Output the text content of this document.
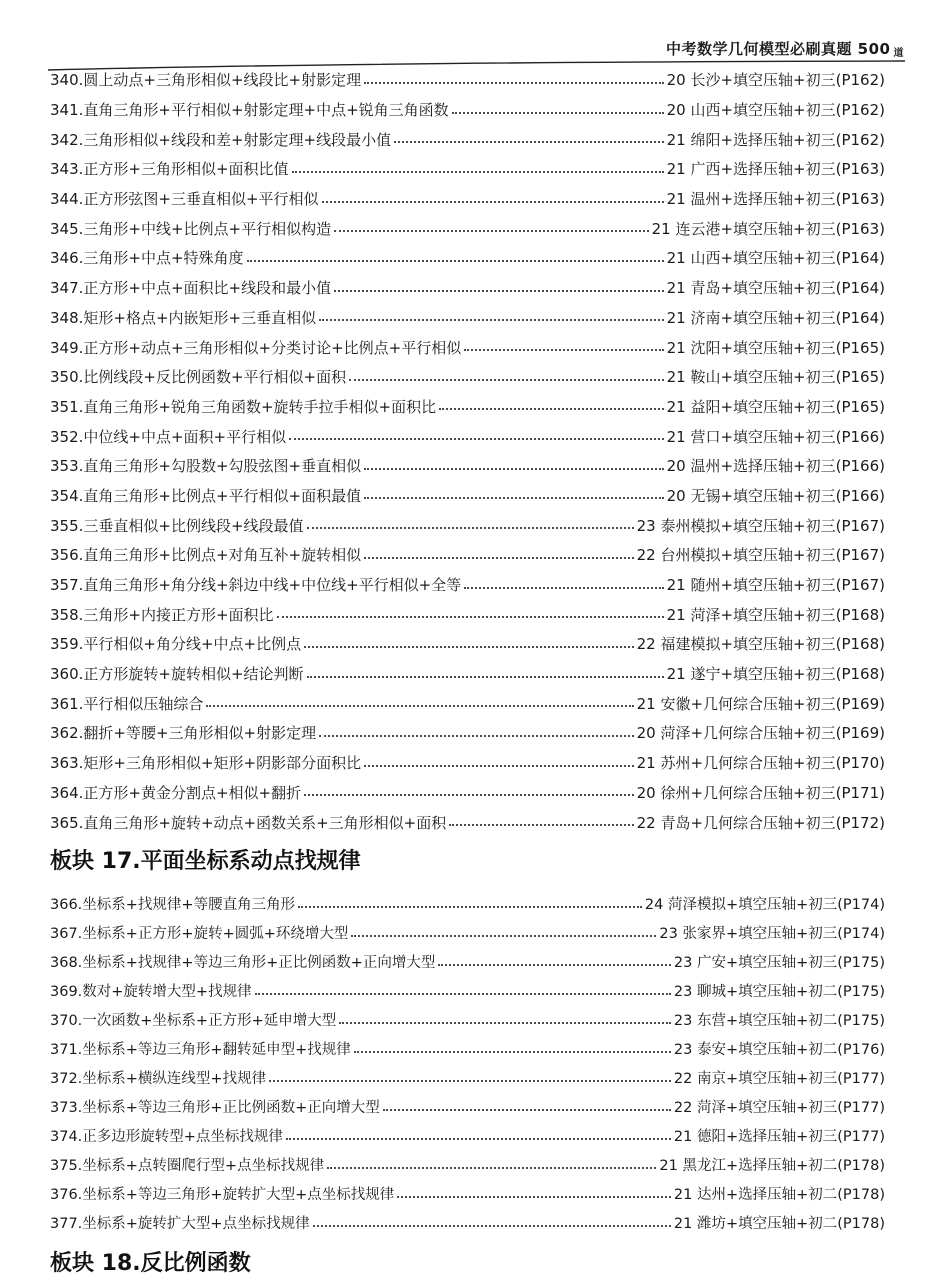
中考数学几何模型必刷真题 500 道
340.圆上动点+三角形相似+线段比+射影定理	20 长沙+填空压轴+初三(P162)
341.直角三角形+平行相似+射影定理+中点+锐角三角函数	20 山西+填空压轴+初三(P162)
342.三角形相似+线段和差+射影定理+线段最小值	21 绵阳+选择压轴+初三(P162)
343.正方形+三角形相似+面积比值	21 广西+选择压轴+初三(P163)
344.正方形弦图+三垂直相似+平行相似	21 温州+选择压轴+初三(P163)
345.三角形+中线+比例点+平行相似构造	21 连云港+填空压轴+初三(P163)
346.三角形+中点+特殊角度	21 山西+填空压轴+初三(P164)
347.正方形+中点+面积比+线段和最小值	21 青岛+填空压轴+初三(P164)
348.矩形+格点+内嵌矩形+三垂直相似	21 济南+填空压轴+初三(P164)
349.正方形+动点+三角形相似+分类讨论+比例点+平行相似	21 沈阳+填空压轴+初三(P165)
350.比例线段+反比例函数+平行相似+面积	21 鞍山+填空压轴+初三(P165)
351.直角三角形+锐角三角函数+旋转手拉手相似+面积比	21 益阳+填空压轴+初三(P165)
352.中位线+中点+面积+平行相似	21 营口+填空压轴+初三(P166)
353.直角三角形+勾股数+勾股弦图+垂直相似	20 温州+选择压轴+初三(P166)
354.直角三角形+比例点+平行相似+面积最值	20 无锡+填空压轴+初三(P166)
355.三垂直相似+比例线段+线段最值	23 泰州模拟+填空压轴+初三(P167)
356.直角三角形+比例点+对角互补+旋转相似	22 台州模拟+填空压轴+初三(P167)
357.直角三角形+角分线+斜边中线+中位线+平行相似+全等	21 随州+填空压轴+初三(P167)
358.三角形+内接正方形+面积比	21 菏泽+填空压轴+初三(P168)
359.平行相似+角分线+中点+比例点	22 福建模拟+填空压轴+初三(P168)
360.正方形旋转+旋转相似+结论判断	21 遂宁+填空压轴+初三(P168)
361.平行相似压轴综合	21 安徽+几何综合压轴+初三(P169)
362.翻折+等腰+三角形相似+射影定理	20 菏泽+几何综合压轴+初三(P169)
363.矩形+三角形相似+矩形+阴影部分面积比	21 苏州+几何综合压轴+初三(P170)
364.正方形+黄金分割点+相似+翻折	20 徐州+几何综合压轴+初三(P171)
365.直角三角形+旋转+动点+函数关系+三角形相似+面积	22 青岛+几何综合压轴+初三(P172)
板块 17.平面坐标系动点找规律
366.坐标系+找规律+等腰直角三角形	24 菏泽模拟+填空压轴+初三(P174)
367.坐标系+正方形+旋转+圆弧+环绕增大型	23 张家界+填空压轴+初三(P174)
368.坐标系+找规律+等边三角形+正比例函数+正向增大型	23 广安+填空压轴+初三(P175)
369.数对+旋转增大型+找规律	23 聊城+填空压轴+初二(P175)
370.一次函数+坐标系+正方形+延申增大型	23 东营+填空压轴+初二(P175)
371.坐标系+等边三角形+翻转延申型+找规律	23 泰安+填空压轴+初二(P176)
372.坐标系+横纵连线型+找规律	22 南京+填空压轴+初三(P177)
373.坐标系+等边三角形+正比例函数+正向增大型	22 菏泽+填空压轴+初三(P177)
374.正多边形旋转型+点坐标找规律	21 德阳+选择压轴+初三(P177)
375.坐标系+点转圈爬行型+点坐标找规律	21 黑龙江+选择压轴+初二(P178)
376.坐标系+等边三角形+旋转扩大型+点坐标找规律	21 达州+选择压轴+初二(P178)
377.坐标系+旋转扩大型+点坐标找规律	21 潍坊+填空压轴+初二(P178)
板块 18.反比例函数
